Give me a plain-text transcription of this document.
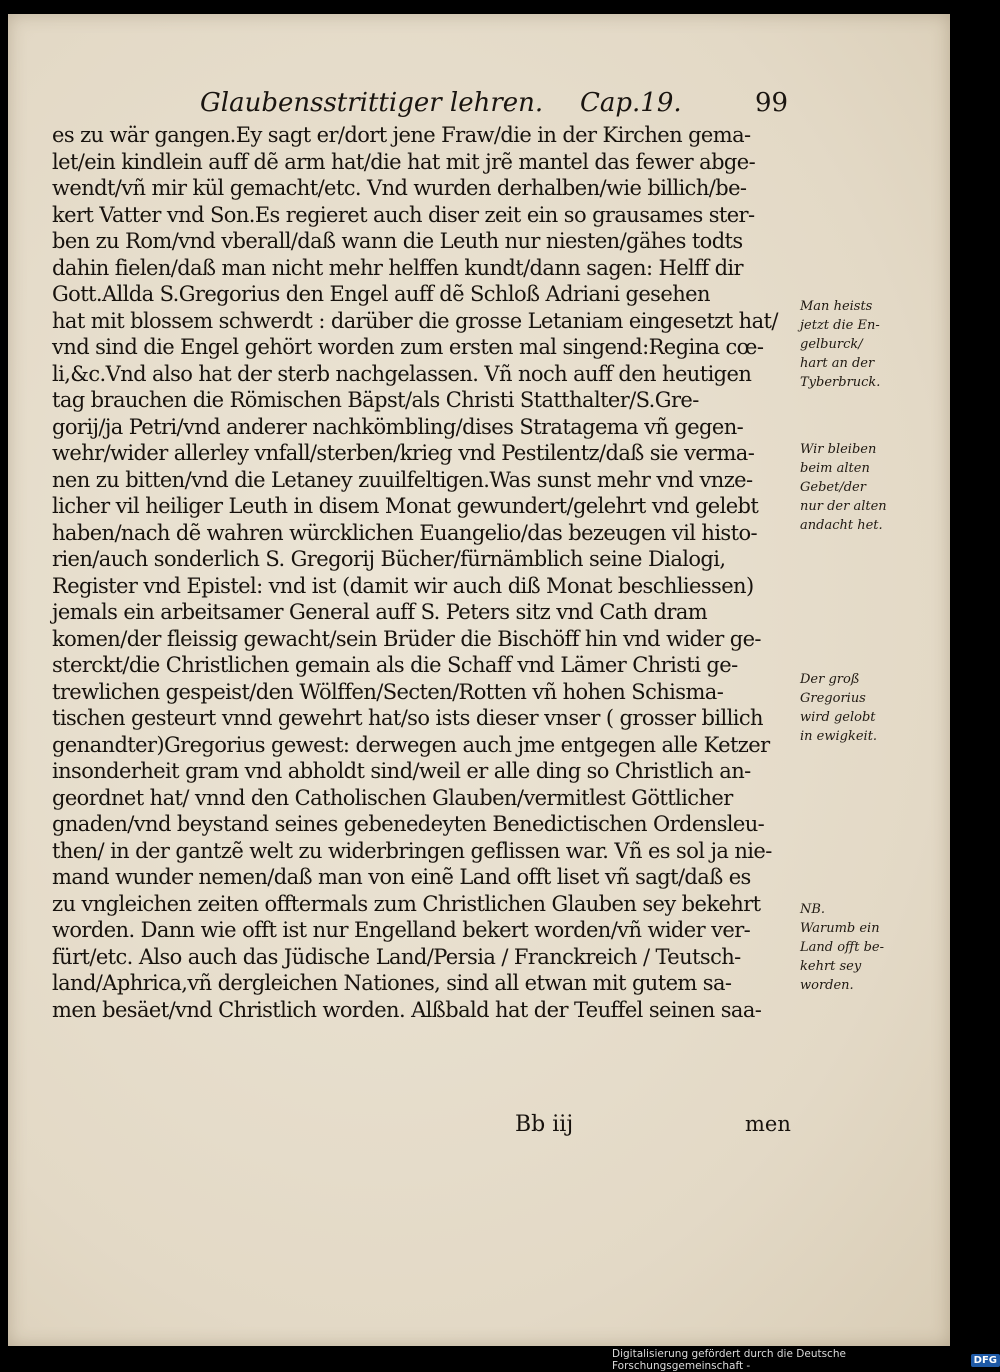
Glaubensstrittiger lehren. Cap.19.	99
es zu wär gangen.Ey sagt er/dort jene Fraw/die in der Kirchen gema-
let/ein kindlein auff dẽ arm hat/die hat mit jrẽ mantel das fewer abge-
wendt/vñ mir kül gemacht/etc. Vnd wurden derhalben/wie billich/be-
kert Vatter vnd Son.Es regieret auch diser zeit ein so grausames ster-
ben zu Rom/vnd vberall/daß wann die Leuth nur niesten/gähes todts
dahin fielen/daß man nicht mehr helffen kundt/dann sagen: Helff dir
Gott.Allda S.Gregorius den Engel auff dẽ Schloß Adriani gesehen
hat mit blossem schwerdt : darüber die grosse Letaniam eingesetzt hat/
vnd sind die Engel gehört worden zum ersten mal singend:Regina cœ-
li,&c.Vnd also hat der sterb nachgelassen. Vñ noch auff den heutigen
tag brauchen die Römischen Bäpst/als Christi Statthalter/S.Gre-
gorij/ja Petri/vnd anderer nachkömbling/dises Stratagema vñ gegen-
wehr/wider allerley vnfall/sterben/krieg vnd Pestilentz/daß sie verma-
nen zu bitten/vnd die Letaney zuuilfeltigen.Was sunst mehr vnd vnze-
licher vil heiliger Leuth in disem Monat gewundert/gelehrt vnd gelebt
haben/nach dẽ wahren würcklichen Euangelio/das bezeugen vil histo-
rien/auch sonderlich S. Gregorij Bücher/fürnämblich seine Dialogi,
Register vnd Epistel: vnd ist (damit wir auch diß Monat beschliessen)
jemals ein arbeitsamer General auff S. Peters sitz vnd Cath dram
komen/der fleissig gewacht/sein Brüder die Bischöff hin vnd wider ge-
sterckt/die Christlichen gemain als die Schaff vnd Lämer Christi ge-
trewlichen gespeist/den Wölffen/Secten/Rotten vñ hohen Schisma-
tischen gesteurt vnnd gewehrt hat/so ists dieser vnser ( grosser billich
genandter)Gregorius gewest: derwegen auch jme entgegen alle Ketzer
insonderheit gram vnd abholdt sind/weil er alle ding so Christlich an-
geordnet hat/ vnnd den Catholischen Glauben/vermitlest Göttlicher
gnaden/vnd beystand seines gebenedeyten Benedictischen Ordensleu-
then/ in der gantzẽ welt zu widerbringen geflissen war. Vñ es sol ja nie-
mand wunder nemen/daß man von einẽ Land offt liset vñ sagt/daß es
zu vngleichen zeiten offtermals zum Christlichen Glauben sey bekehrt
worden. Dann wie offt ist nur Engelland bekert worden/vñ wider ver-
fürt/etc. Also auch das Jüdische Land/Persia / Franckreich / Teutsch-
land/Aphrica,vñ dergleichen Nationes, sind all etwan mit gutem sa-
men besäet/vnd Christlich worden. Alßbald hat der Teuffel seinen saa-
Man heists
jetzt die En-
gelburck/
hart an der
Tyberbruck.
Wir bleiben
beim alten
Gebet/der
nur der alten
andacht het.
Der groß
Gregorius
wird gelobt
in ewigkeit.
NB.
Warumb ein
Land offt be-
kehrt sey
worden.
Bb iij	men
Digitalisierung gefördert durch die Deutsche Forschungsgemeinschaft -	DFG
